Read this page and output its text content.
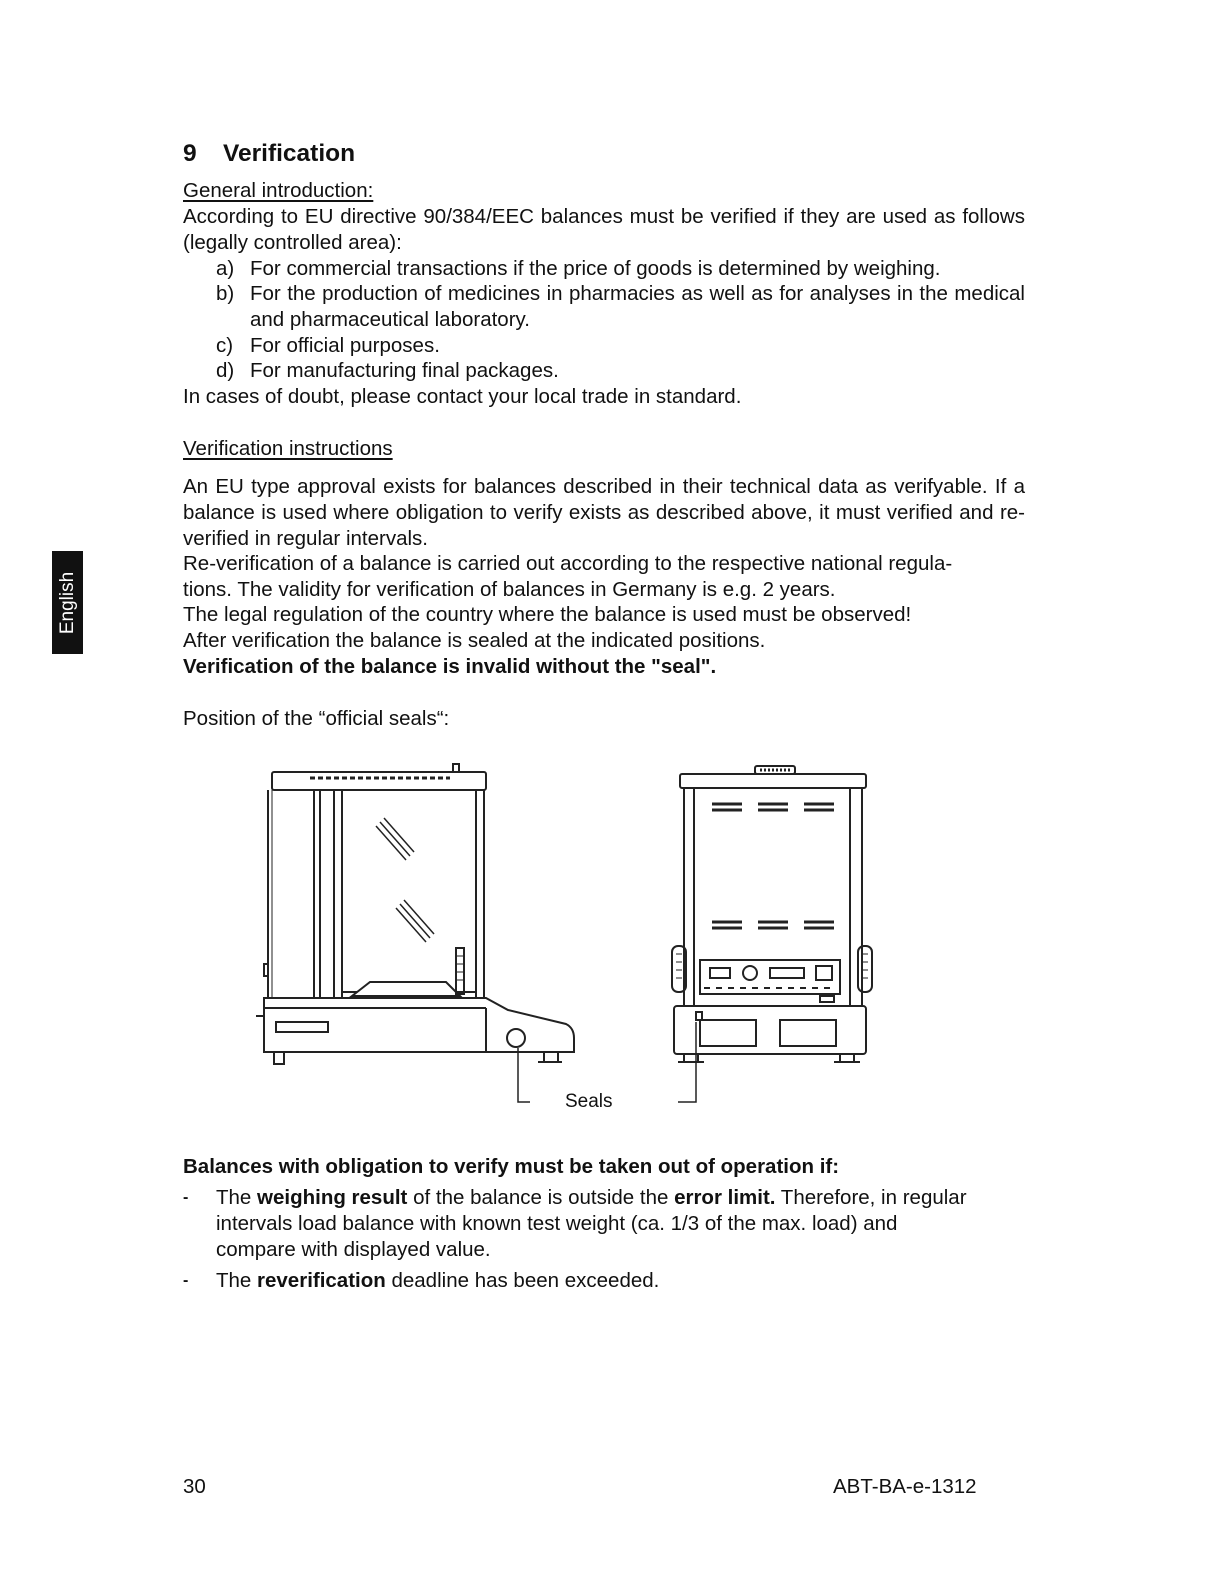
English
9 Verification
General introduction:
According to EU directive 90/384/EEC balances must be verified if they are used as follows (legally controlled area):
a) For commercial transactions if the price of goods is determined by weighing.
b) For the production of medicines in pharmacies as well as for analyses in the medical and pharmaceutical laboratory.
c) For official purposes.
d) For manufacturing final packages.
In cases of doubt, please contact your local trade in standard.
Verification instructions
An EU type approval exists for balances described in their technical data as verifyable. If a balance is used where obligation to verify exists as described above, it must verified and re-verified in regular intervals.
Re-verification of a balance is carried out according to the respective national regula-
tions. The validity for verification of balances in Germany is e.g. 2 years.
The legal regulation of the country where the balance is used must be observed!
After verification the balance is sealed at the indicated positions.
Verification of the balance is invalid without the "seal".
Position of the “official seals“:
Seals
Balances with obligation to verify must be taken out of operation if:
- The weighing result of the balance is outside the error limit. Therefore, in regular intervals load balance with known test weight (ca. 1/3 of the max. load) and compare with displayed value.
- The reverification deadline has been exceeded.
30	ABT-BA-e-1312
